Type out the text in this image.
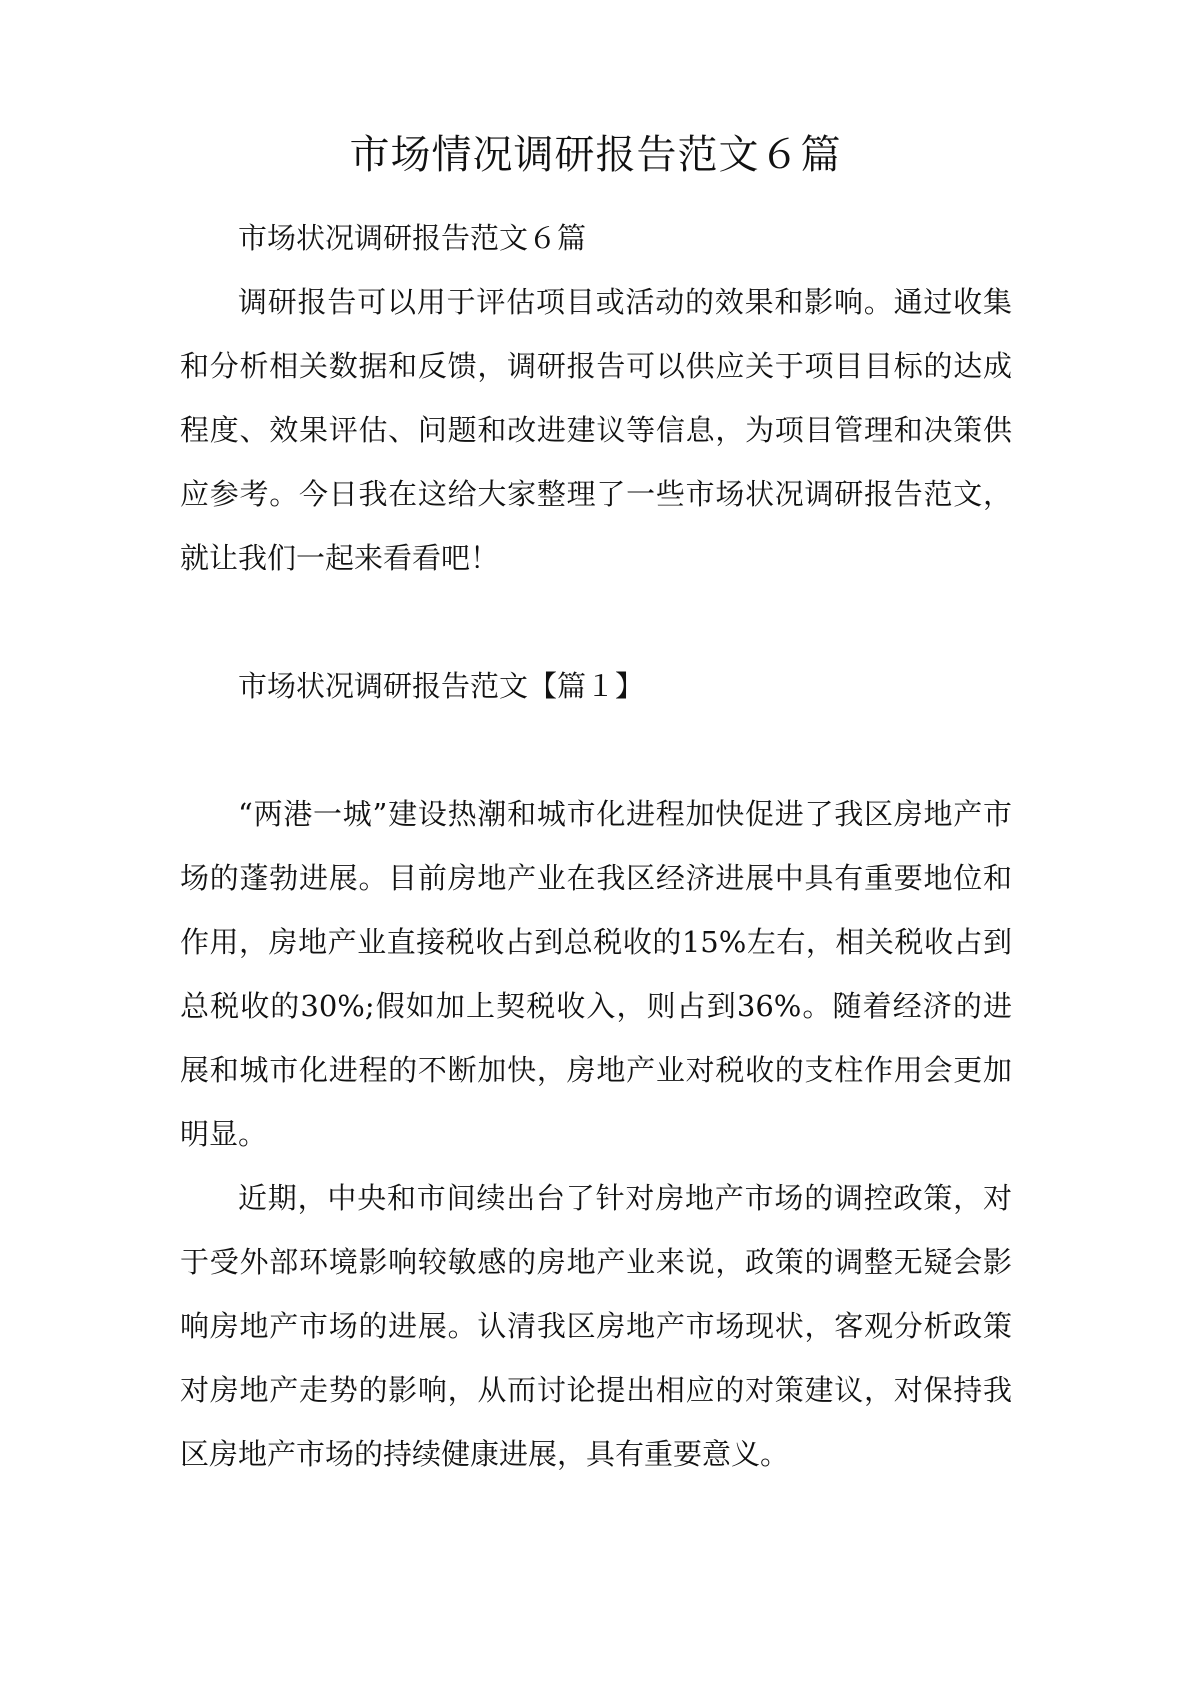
市场情况调研报告范文６篇

市场状况调研报告范文６篇

调研报告可以用于评估项目或活动的效果和影响。通过收集和分析相关数据和反馈，调研报告可以供应关于项目目标的达成程度、效果评估、问题和改进建议等信息，为项目管理和决策供应参考。今日我在这给大家整理了一些市场状况调研报告范文，就让我们一起来看看吧！

市场状况调研报告范文【篇１】

“两港一城”建设热潮和城市化进程加快促进了我区房地产市场的蓬勃进展。目前房地产业在我区经济进展中具有重要地位和作用，房地产业直接税收占到总税收的15%左右，相关税收占到总税收的30%;假如加上契税收入，则占到36%。随着经济的进展和城市化进程的不断加快，房地产业对税收的支柱作用会更加明显。

近期，中央和市间续出台了针对房地产市场的调控政策，对于受外部环境影响较敏感的房地产业来说，政策的调整无疑会影响房地产市场的进展。认清我区房地产市场现状，客观分析政策对房地产走势的影响，从而讨论提出相应的对策建议，对保持我区房地产市场的持续健康进展，具有重要意义。
